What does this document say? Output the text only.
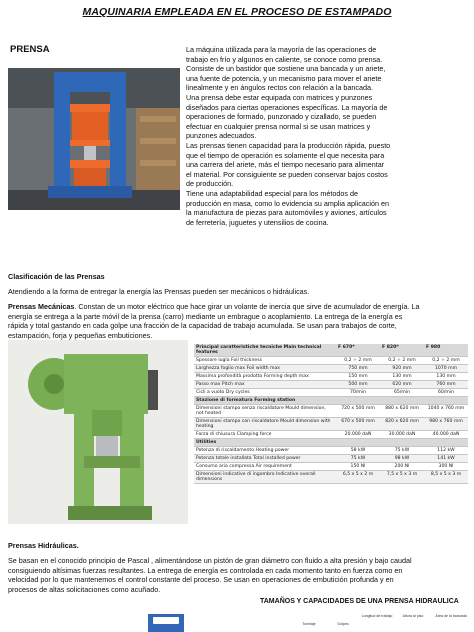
MAQUINARIA EMPLEADA EN EL PROCESO DE ESTAMPADO
PRENSA	La máquina utilizada para la mayoría de las operaciones de
trabajo en frío y algunos en caliente, se conoce como prensa.
Consiste de un bastidor que sostiene una bancada y un ariete,
una fuente de potencia, y un mecanismo para mover el ariete
linealmente y en ángulos rectos con relación a la bancada.
Una prensa debe estar equipada con matrices y punzones
diseñados para ciertas operaciones específicas. La mayoría de
operaciones de formado, punzonado y cizallado, se pueden
efectuar en cualquier prensa normal si se usan matrices y
punzones adecuados.
Las prensas tienen capacidad para la producción rápida, puesto
que el tiempo de operación es solamente el que necesita para
una carrera del ariete, más el tiempo necesario para alimentar
el material. Por consiguiente se pueden conservar bajos costos
de producción.
Tiene una adaptabilidad especial para los métodos de
producción en masa, como lo evidencia su amplia aplicación en
la manufactura de piezas para automóviles y aviones, artículos
de ferretería, juguetes y utensilios de cocina.
Clasificación de las Prensas
Atendiendo a la forma de entregar la energía las Prensas pueden ser mecánicos o hidráulicas.
Prensas Mecánicas. Constan de un motor eléctrico que hace girar un volante de inercia que sirve de acumulador de energía. La
energía se entrega a la parte móvil de la prensa (carro) mediante un embrague o acoplamiento. La entrega de la energía es
rápida y total gastando en cada golpe una fracción de la capacidad de trabajo acumulada. Se usan para trabajos de corte,
estampación, forja y pequeñas embuticiones.
Principal caratteristiche tecniche Main technical features	F 670*	F 820*	F 980
Spessore lugla Foil thickness	0,2 ÷ 2 mm	0,2 ÷ 2 mm	0,2 ÷ 2 mm
Larghezza foglio max Foil width max	750 mm	920 mm	1070 mm
Massima profondità prodotto Forming depth max	150 mm	130 mm	130 mm
Passo max Pitch max	500 mm	620 mm	760 mm
Cicli a vuoto Dry cycles	70/min	65/min	60/min
Stazione di formatura Forming station			
Dimensioni stampo senza riscaldatore Mould dimension, not heated	720 x 500 mm	880 x 620 mm	1040 x 760 mm
Dimensioni stampo con riscaldatore Mould dimension with heating	670 x 500 mm	820 x 620 mm	980 x 760 mm
Forza di chiusura Clamping force	20.000 daN	30.000 daN	40.000 daN
Utilities			
Potenza di riscaldamento Heating power	58 kW	75 kW	112 kW
Potenza totale installata Total installed power	75 kW	98 kW	141 kW
Consumo aria compressa Air requirement	150 Nl	200 Nl	300 Nl
Dimensioni indicative di ingombro Indicative overall dimensions	6,5 x 5 x 2 m	7,5 x 5 x 3 m	8,5 x 5 x 3 m
Prensas Hidráulicas.
Se basan en el conocido principio de Pascal , alimentándose un pistón de gran diámetro con fluido a alta presión y bajo caudal
consiguiendo altísimas fuerzas resultantes. La entrega de energía es controlada en cada momento tanto en fuerza como en
velocidad por lo que mantenemos el control constante del proceso. Se usan en operaciones de embutición profunda y en
procesos de altas solicitaciones como acuñado.
TAMAÑOS Y CAPACIDADES DE UNA PRENSA HIDRAULICA
Tonelaje	Golpes
Longitud de trabajo	Altura al piso	Área de la bancada
